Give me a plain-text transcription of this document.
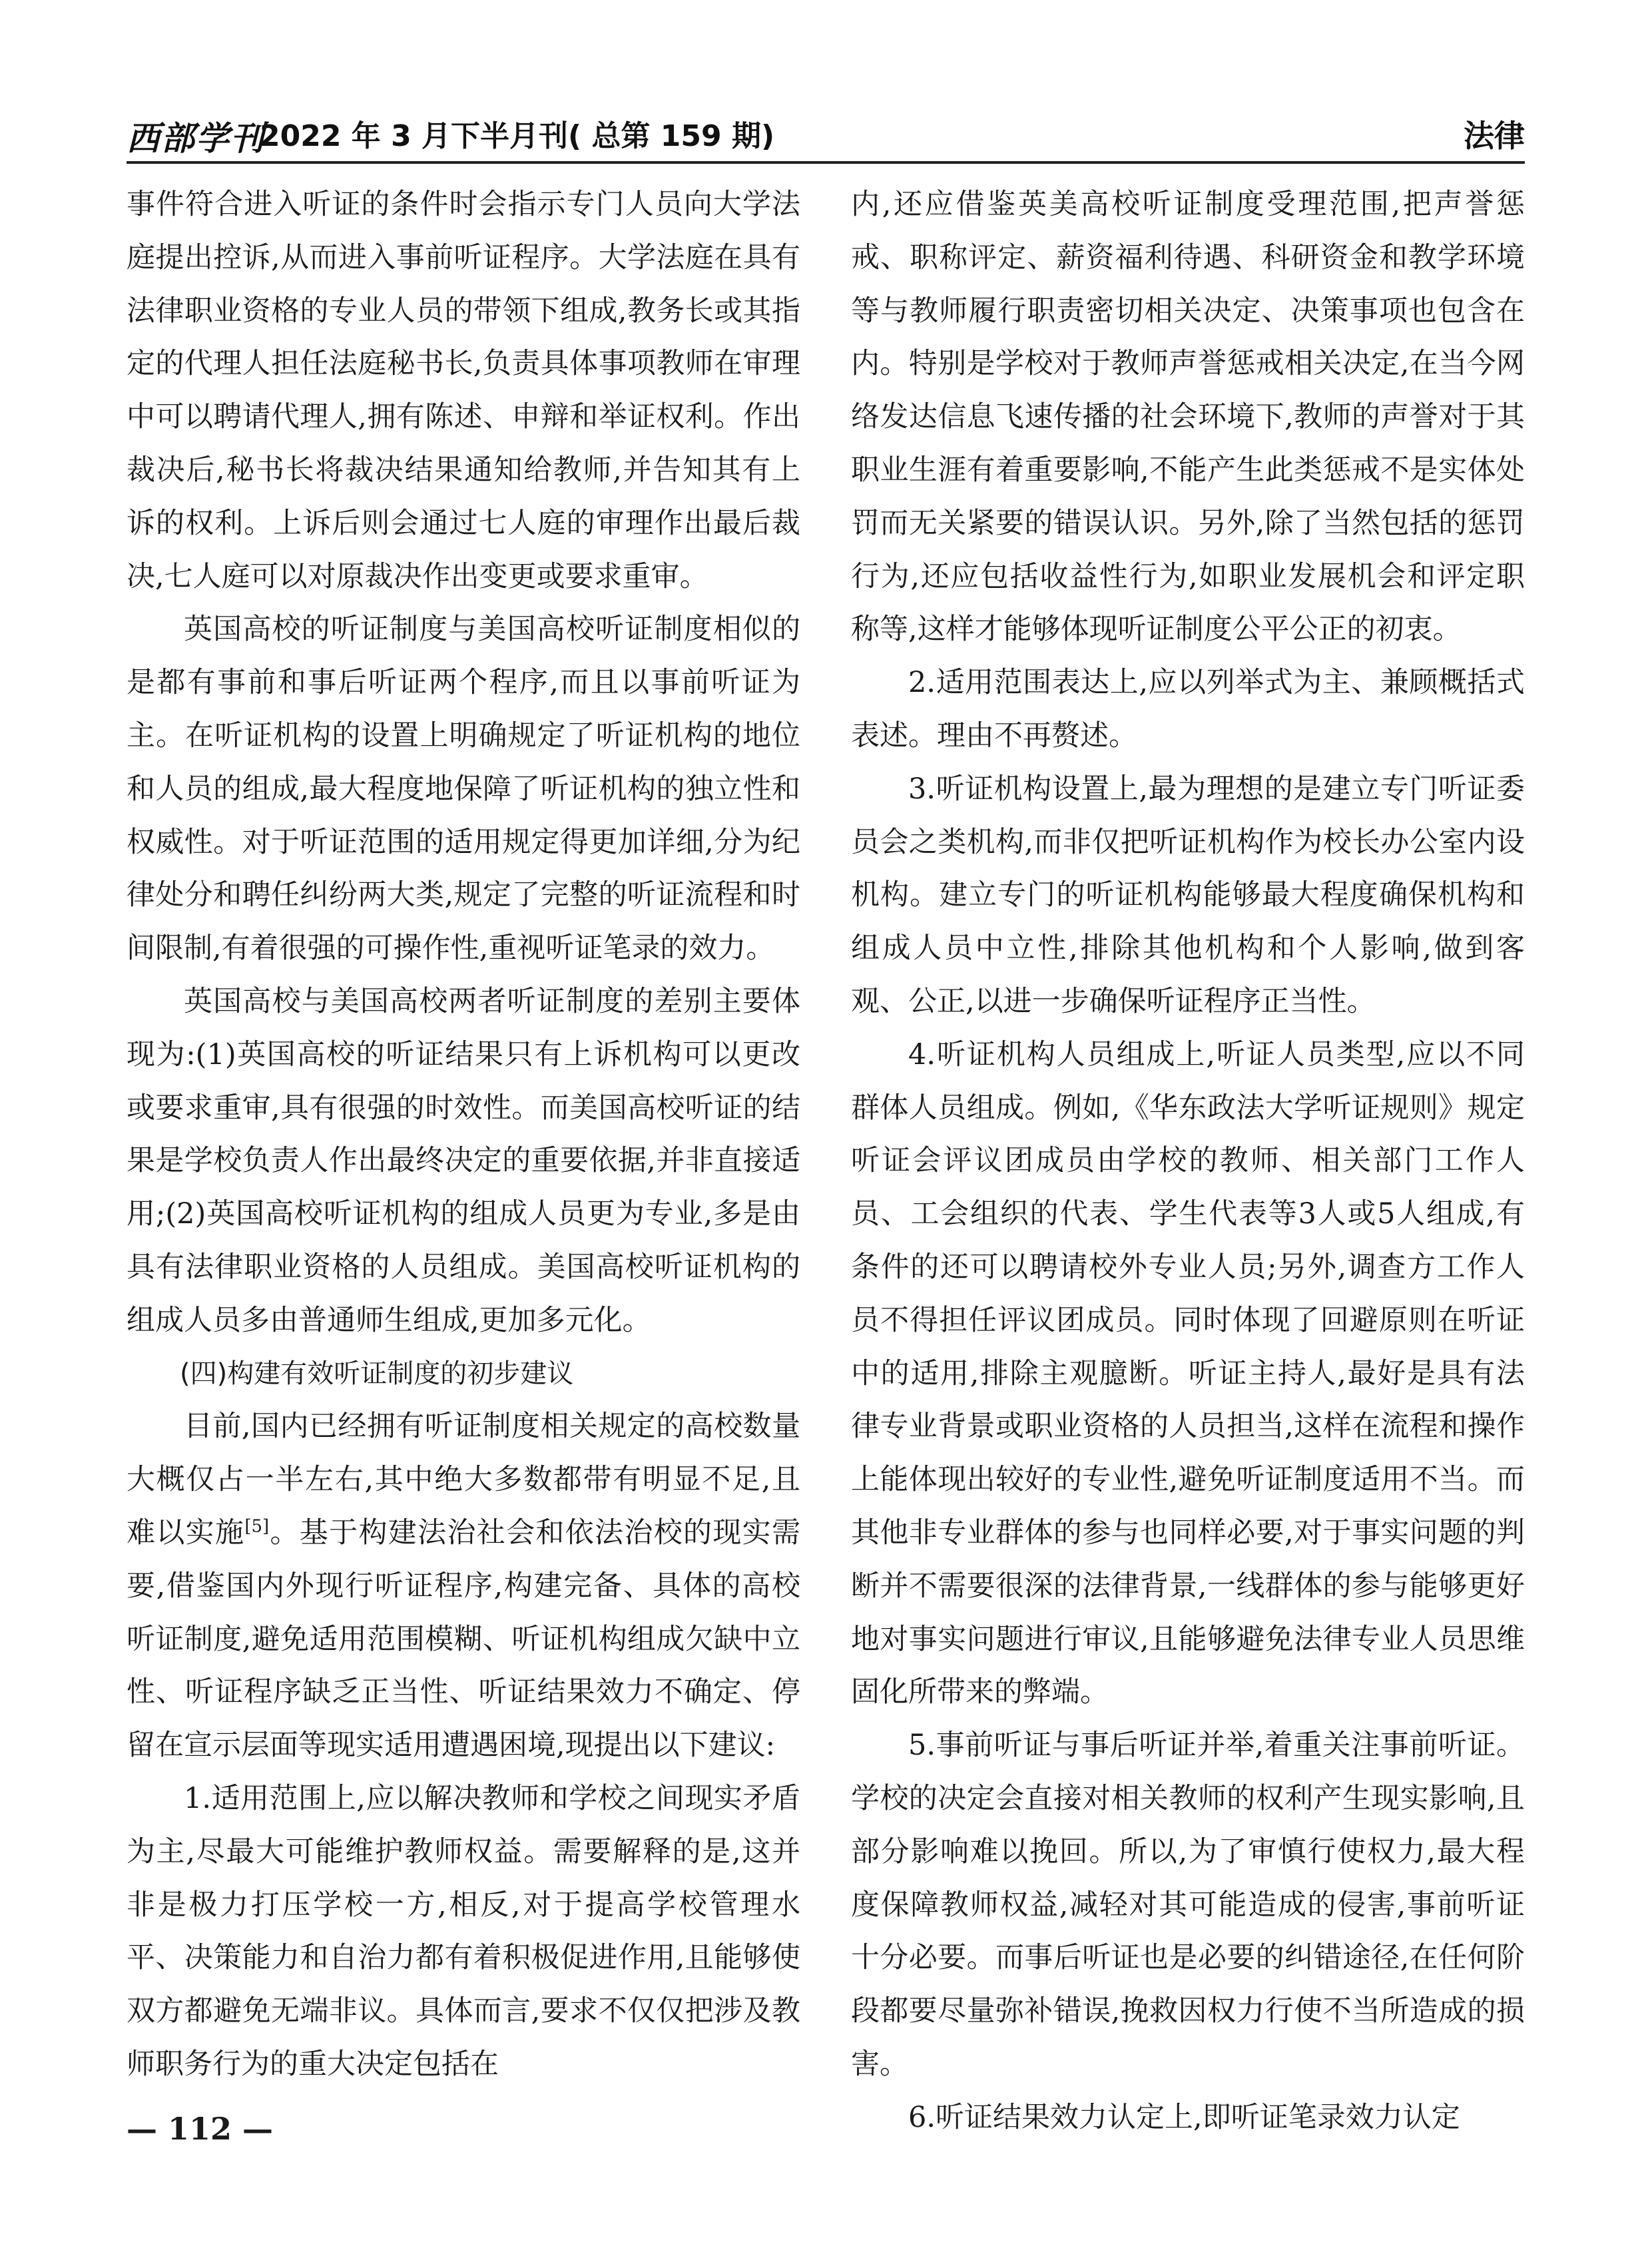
西部学刊
2022 年 3 月下半月刊( 总第 159 期)	法律

事件符合进入听证的条件时会指示专门人员向大学法庭提出控诉,从而进入事前听证程序。大学法庭在具有法律职业资格的专业人员的带领下组成,教务长或其指定的代理人担任法庭秘书长,负责具体事项教师在审理中可以聘请代理人,拥有陈述、申辩和举证权利。作出裁决后,秘书长将裁决结果通知给教师,并告知其有上诉的权利。上诉后则会通过七人庭的审理作出最后裁决,七人庭可以对原裁决作出变更或要求重审。

英国高校的听证制度与美国高校听证制度相似的是都有事前和事后听证两个程序,而且以事前听证为主。在听证机构的设置上明确规定了听证机构的地位和人员的组成,最大程度地保障了听证机构的独立性和权威性。对于听证范围的适用规定得更加详细,分为纪律处分和聘任纠纷两大类,规定了完整的听证流程和时间限制,有着很强的可操作性,重视听证笔录的效力。

英国高校与美国高校两者听证制度的差别主要体现为:(1)英国高校的听证结果只有上诉机构可以更改或要求重审,具有很强的时效性。而美国高校听证的结果是学校负责人作出最终决定的重要依据,并非直接适用;(2)英国高校听证机构的组成人员更为专业,多是由具有法律职业资格的人员组成。美国高校听证机构的组成人员多由普通师生组成,更加多元化。

(四)构建有效听证制度的初步建议

目前,国内已经拥有听证制度相关规定的高校数量大概仅占一半左右,其中绝大多数都带有明显不足,且难以实施[5]。基于构建法治社会和依法治校的现实需要,借鉴国内外现行听证程序,构建完备、具体的高校听证制度,避免适用范围模糊、听证机构组成欠缺中立性、听证程序缺乏正当性、听证结果效力不确定、停留在宣示层面等现实适用遭遇困境,现提出以下建议:

1.适用范围上,应以解决教师和学校之间现实矛盾为主,尽最大可能维护教师权益。需要解释的是,这并非是极力打压学校一方,相反,对于提高学校管理水平、决策能力和自治力都有着积极促进作用,且能够使双方都避免无端非议。具体而言,要求不仅仅把涉及教师职务行为的重大决定包括在

内,还应借鉴英美高校听证制度受理范围,把声誉惩戒、职称评定、薪资福利待遇、科研资金和教学环境等与教师履行职责密切相关决定、决策事项也包含在内。特别是学校对于教师声誉惩戒相关决定,在当今网络发达信息飞速传播的社会环境下,教师的声誉对于其职业生涯有着重要影响,不能产生此类惩戒不是实体处罚而无关紧要的错误认识。另外,除了当然包括的惩罚行为,还应包括收益性行为,如职业发展机会和评定职称等,这样才能够体现听证制度公平公正的初衷。

2.适用范围表达上,应以列举式为主、兼顾概括式表述。理由不再赘述。

3.听证机构设置上,最为理想的是建立专门听证委员会之类机构,而非仅把听证机构作为校长办公室内设机构。建立专门的听证机构能够最大程度确保机构和组成人员中立性,排除其他机构和个人影响,做到客观、公正,以进一步确保听证程序正当性。

4.听证机构人员组成上,听证人员类型,应以不同群体人员组成。例如,《华东政法大学听证规则》规定听证会评议团成员由学校的教师、相关部门工作人员、工会组织的代表、学生代表等3人或5人组成,有条件的还可以聘请校外专业人员;另外,调查方工作人员不得担任评议团成员。同时体现了回避原则在听证中的适用,排除主观臆断。听证主持人,最好是具有法律专业背景或职业资格的人员担当,这样在流程和操作上能体现出较好的专业性,避免听证制度适用不当。而其他非专业群体的参与也同样必要,对于事实问题的判断并不需要很深的法律背景,一线群体的参与能够更好地对事实问题进行审议,且能够避免法律专业人员思维固化所带来的弊端。

5.事前听证与事后听证并举,着重关注事前听证。学校的决定会直接对相关教师的权利产生现实影响,且部分影响难以挽回。所以,为了审慎行使权力,最大程度保障教师权益,减轻对其可能造成的侵害,事前听证十分必要。而事后听证也是必要的纠错途径,在任何阶段都要尽量弥补错误,挽救因权力行使不当所造成的损害。

6.听证结果效力认定上,即听证笔录效力认定

— 112 —
